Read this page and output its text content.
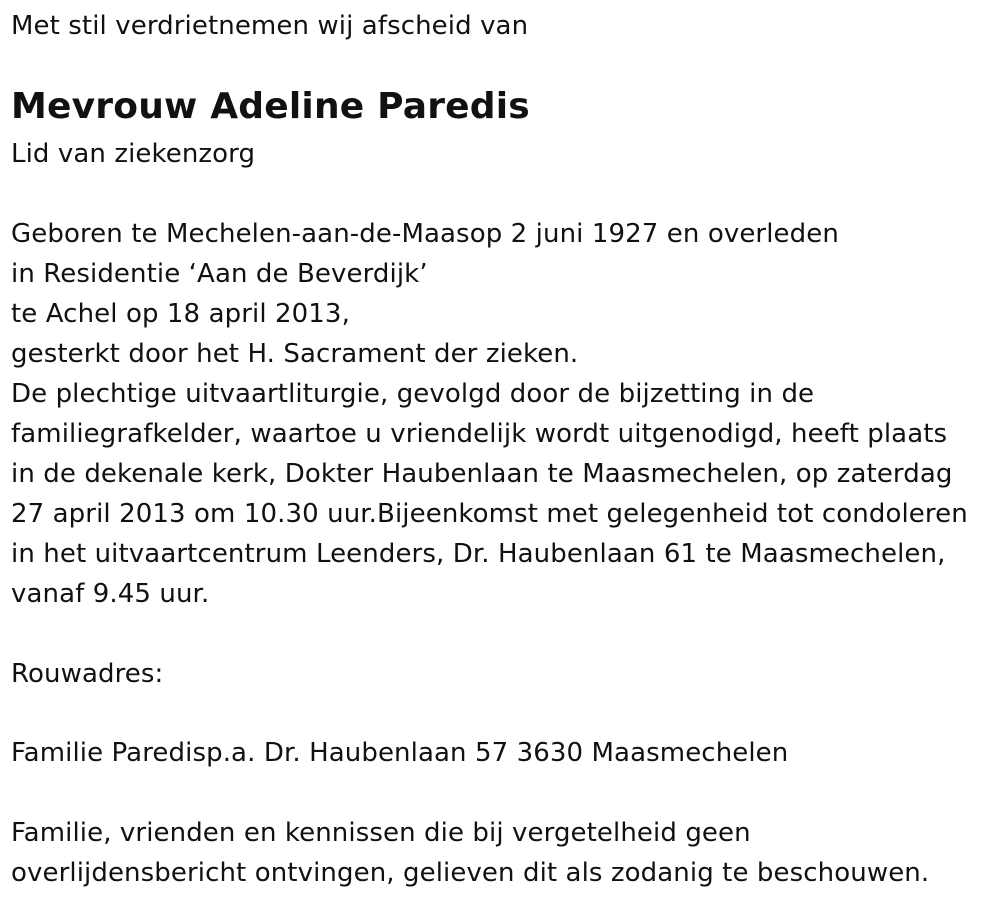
Met stil verdrietnemen wij afscheid van
Mevrouw Adeline Paredis
Lid van ziekenzorg
Geboren te Mechelen-aan-de-Maasop 2 juni 1927 en overleden
in Residentie ‘Aan de Beverdijk’
te Achel op 18 april 2013,
gesterkt door het H. Sacrament der zieken.
De plechtige uitvaartliturgie, gevolgd door de bijzetting in de
familiegrafkelder, waartoe u vriendelijk wordt uitgenodigd, heeft plaats
in de dekenale kerk, Dokter Haubenlaan te Maasmechelen, op zaterdag
27 april 2013 om 10.30 uur.Bijeenkomst met gelegenheid tot condoleren
in het uitvaartcentrum Leenders, Dr. Haubenlaan 61 te Maasmechelen,
vanaf 9.45 uur.
Rouwadres:
Familie Paredisp.a. Dr. Haubenlaan 57 3630 Maasmechelen
Familie, vrienden en kennissen die bij vergetelheid geen
overlijdensbericht ontvingen, gelieven dit als zodanig te beschouwen.
